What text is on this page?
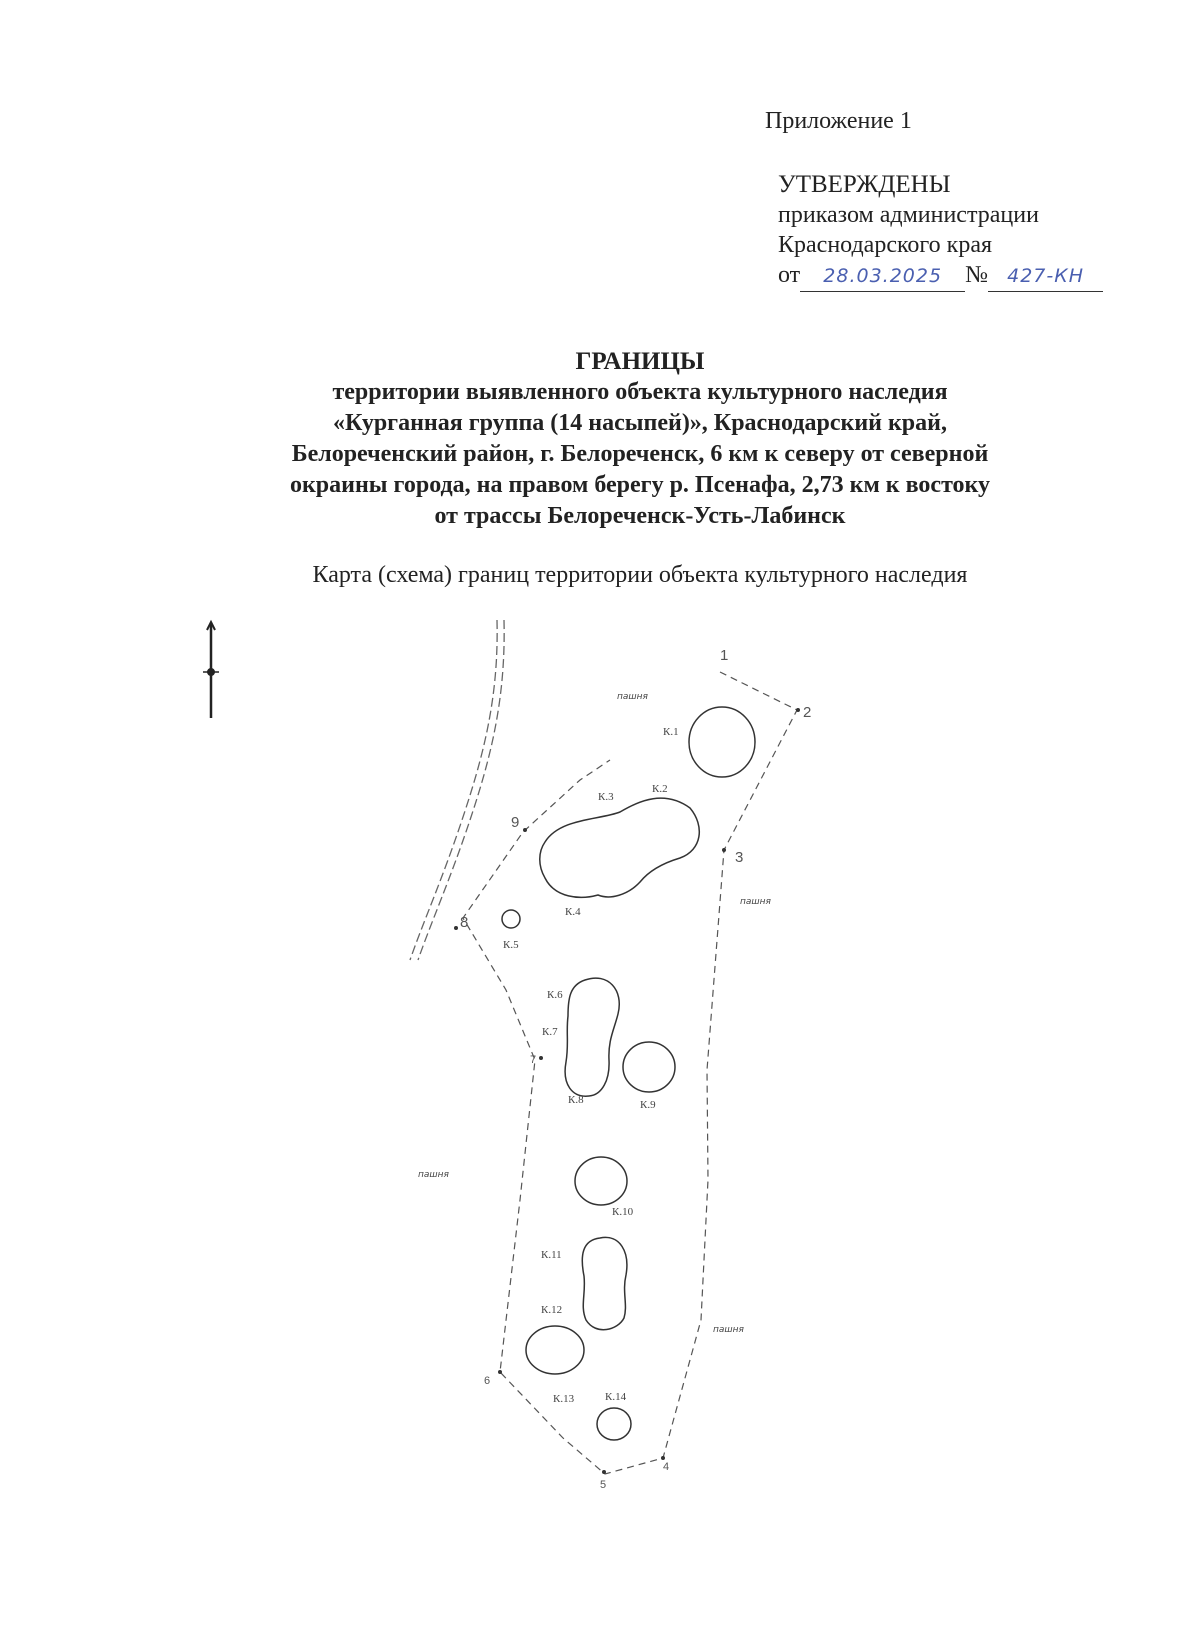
Приложение 1
УТВЕРЖДЕНЫ
приказом администрации
Краснодарского края
от 28.03.2025 № 427-КН
ГРАНИЦЫ
территории выявленного объекта культурного наследия
«Курганная группа (14 насыпей)», Краснодарский край,
Белореченский район, г. Белореченск, 6 км к северу от северной
окраины города, на правом берегу р. Псенафа, 2,73 км к востоку
от трассы Белореченск-Усть-Лабинск
Карта (схема) границ территории объекта культурного наследия
1
2
3
4
5
6
7
8
9
К.1
К.2
К.3
К.4
К.5
К.6
К.7
К.8	К.9
К.10
К.11
К.12
К.13	К.14
пашня
пашня
пашня
пашня
